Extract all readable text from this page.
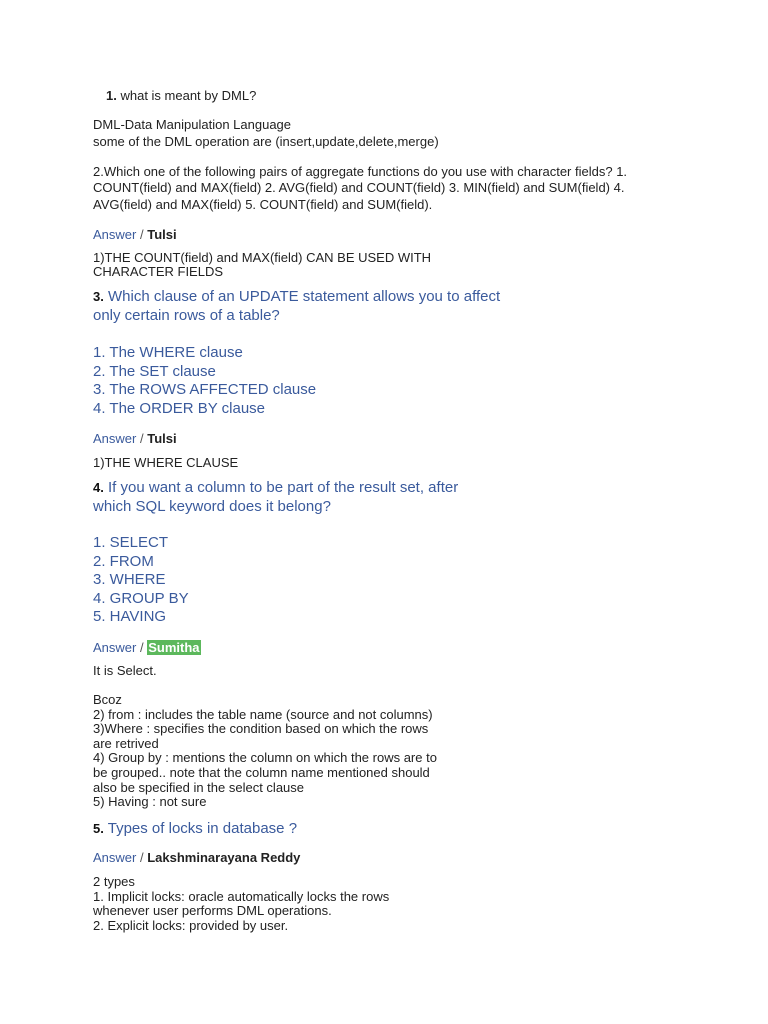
1. what is meant by DML?
DML-Data Manipulation Language
some of the DML operation are (insert,update,delete,merge)
2.Which one of the following pairs of aggregate functions do you use with character fields? 1.
COUNT(field) and MAX(field) 2. AVG(field) and COUNT(field) 3. MIN(field) and SUM(field) 4.
AVG(field) and MAX(field) 5. COUNT(field) and SUM(field).
Answer / Tulsi
1)THE COUNT(field) and MAX(field) CAN BE USED WITH
CHARACTER FIELDS
3. Which clause of an UPDATE statement allows you to affect
only certain rows of a table?
1. The WHERE clause
2. The SET clause
3. The ROWS AFFECTED clause
4. The ORDER BY clause
Answer / Tulsi
1)THE WHERE CLAUSE
4. If you want a column to be part of the result set, after
which SQL keyword does it belong?
1. SELECT
2. FROM
3. WHERE
4. GROUP BY
5. HAVING
Answer / Sumitha
It is Select.
Bcoz
2) from : includes the table name (source and not columns)
3)Where : specifies the condition based on which the rows
are retrived
4) Group by : mentions the column on which the rows are to
be grouped.. note that the column name mentioned should
also be specified in the select clause
5) Having : not sure
5. Types of locks in database ?
Answer / Lakshminarayana Reddy
2 types
1. Implicit locks: oracle automatically locks the rows
whenever user performs DML operations.
2. Explicit locks: provided by user.
